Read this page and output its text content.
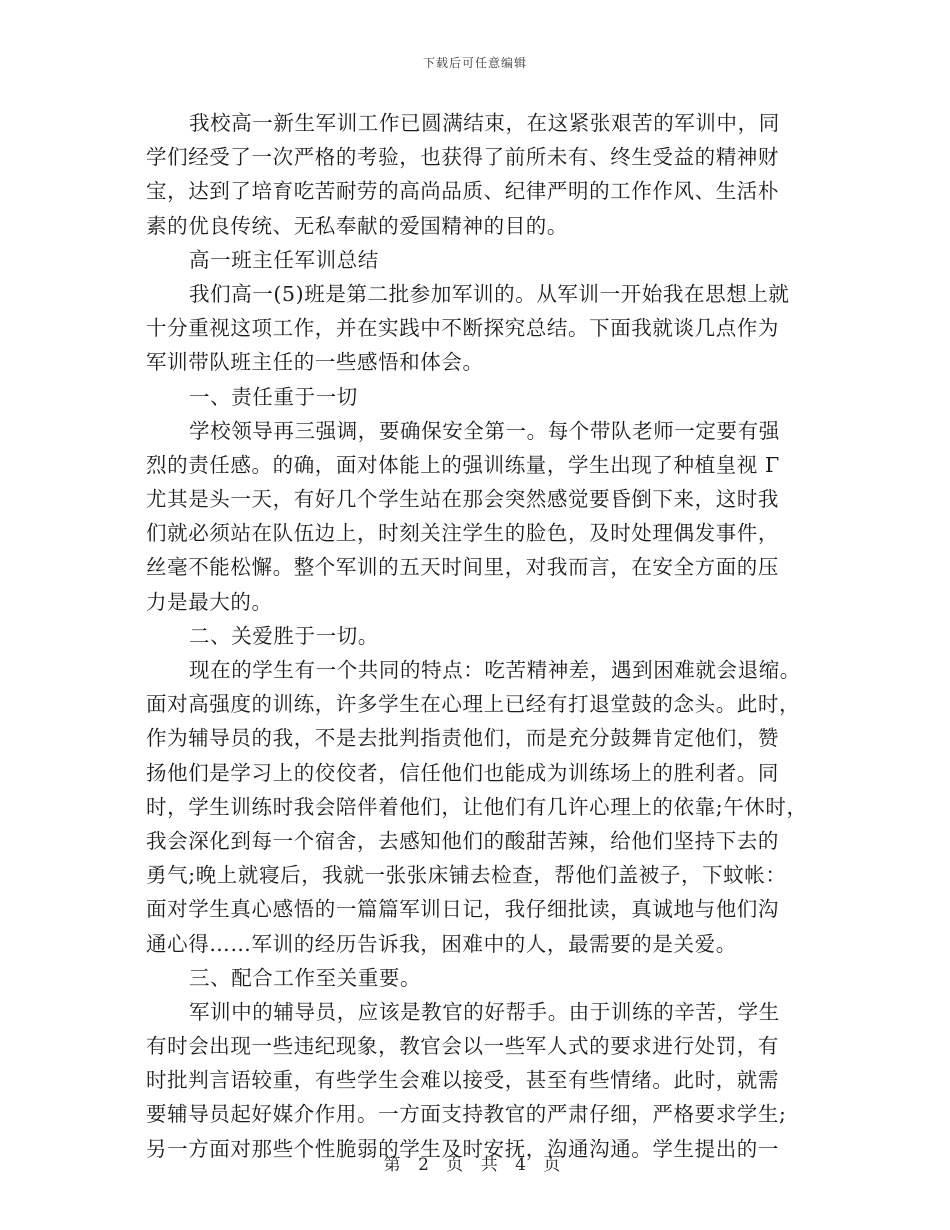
下载后可任意编辑
我校高一新生军训工作已圆满结束，在这紧张艰苦的军训中，同
学们经受了一次严格的考验，也获得了前所未有、终生受益的精神财
宝，达到了培育吃苦耐劳的高尚品质、纪律严明的工作作风、生活朴
素的优良传统、无私奉献的爱国精神的目的。
高一班主任军训总结
我们高一(5)班是第二批参加军训的。从军训一开始我在思想上就
十分重视这项工作，并在实践中不断探究总结。下面我就谈几点作为
军训带队班主任的一些感悟和体会。
一、责任重于一切
学校领导再三强调，要确保安全第一。每个带队老师一定要有强
烈的责任感。的确，面对体能上的强训练量，学生出现了种植皇视 Γ
尤其是头一天，有好几个学生站在那会突然感觉要昏倒下来，这时我
们就必须站在队伍边上，时刻关注学生的脸色，及时处理偶发事件，
丝毫不能松懈。整个军训的五天时间里，对我而言，在安全方面的压
力是最大的。
二、关爱胜于一切。
现在的学生有一个共同的特点：吃苦精神差，遇到困难就会退缩。
面对高强度的训练，许多学生在心理上已经有打退堂鼓的念头。此时，
作为辅导员的我，不是去批判指责他们，而是充分鼓舞肯定他们，赞
扬他们是学习上的佼佼者，信任他们也能成为训练场上的胜利者。同
时，学生训练时我会陪伴着他们，让他们有几许心理上的依靠;午休时，
我会深化到每一个宿舍，去感知他们的酸甜苦辣，给他们坚持下去的
勇气;晚上就寝后，我就一张张床铺去检查，帮他们盖被子，下蚊帐：
面对学生真心感悟的一篇篇军训日记，我仔细批读，真诚地与他们沟
通心得……军训的经历告诉我，困难中的人，最需要的是关爱。
三、配合工作至关重要。
军训中的辅导员，应该是教官的好帮手。由于训练的辛苦，学生
有时会出现一些违纪现象，教官会以一些军人式的要求进行处罚，有
时批判言语较重，有些学生会难以接受，甚至有些情绪。此时，就需
要辅导员起好媒介作用。一方面支持教官的严肃仔细，严格要求学生;
另一方面对那些个性脆弱的学生及时安抚，沟通沟通。学生提出的一
第 2 页 共 4 页
